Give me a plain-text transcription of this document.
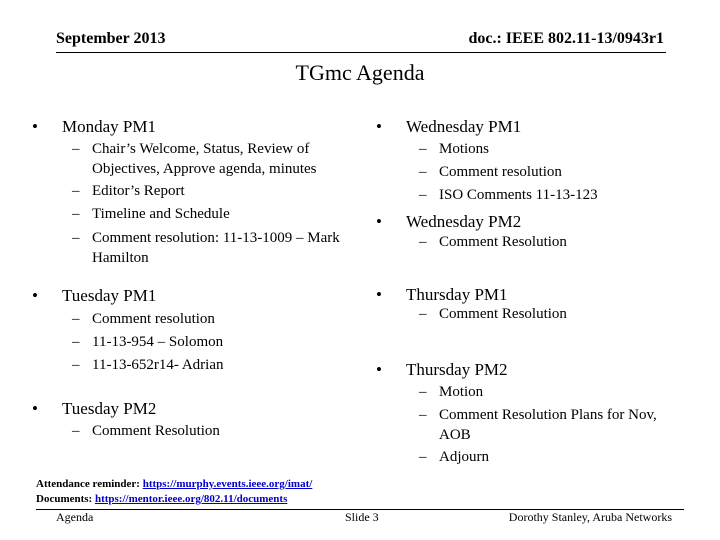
September 2013	doc.: IEEE 802.11-13/0943r1
TGmc Agenda
• Monday PM1
– Chair’s Welcome, Status, Review of Objectives, Approve agenda, minutes
– Editor’s Report
– Timeline and Schedule
– Comment resolution: 11-13-1009 – Mark Hamilton
• Tuesday PM1
– Comment resolution
– 11-13-954 – Solomon
– 11-13-652r14- Adrian
• Tuesday PM2
– Comment Resolution
• Wednesday PM1
– Motions
– Comment resolution
– ISO Comments 11-13-123
• Wednesday PM2
– Comment Resolution
• Thursday PM1
– Comment Resolution
• Thursday PM2
– Motion
– Comment Resolution Plans for Nov, AOB
– Adjourn
Attendance reminder: https://murphy.events.ieee.org/imat/
Documents: https://mentor.ieee.org/802.11/documents
Agenda	Slide 3	Dorothy Stanley, Aruba Networks
